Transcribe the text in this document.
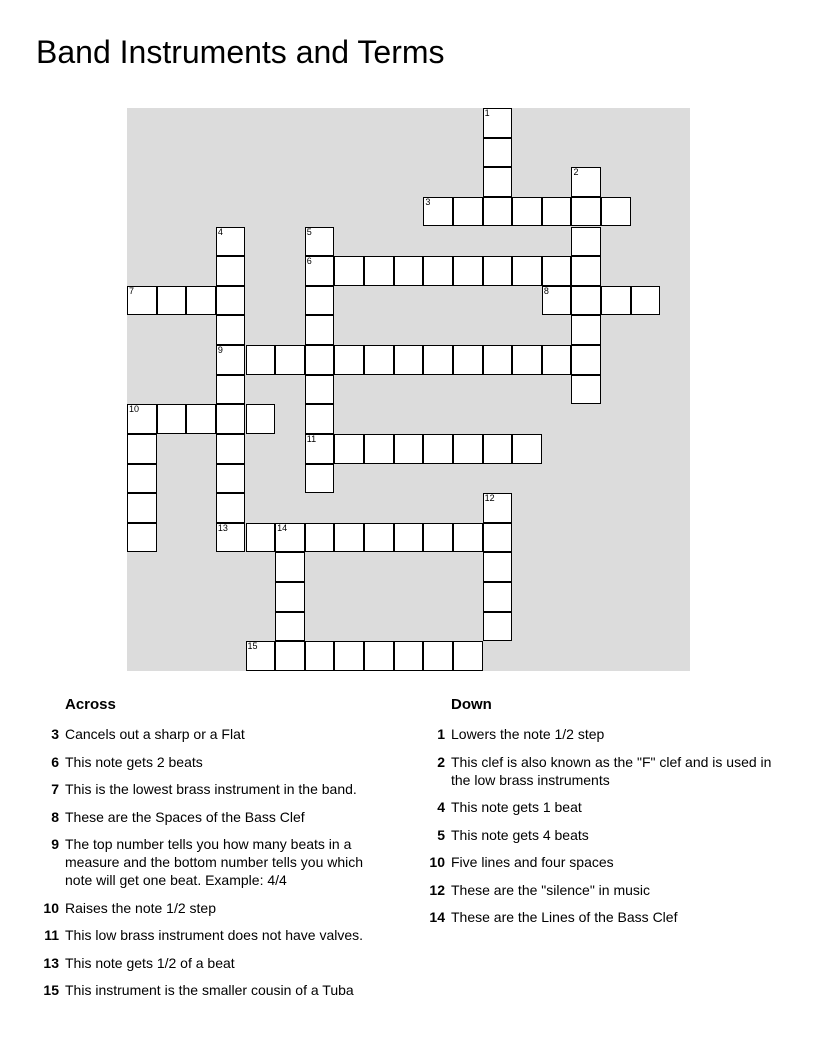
Band Instruments and Terms
1
2
3
4
9
13
5
6
11
7	8
10
12
14
15
Across
3 Cancels out a sharp or a Flat
6 This note gets 2 beats
7 This is the lowest brass instrument in the band.
8 These are the Spaces of the Bass Clef
9 The top number tells you how many beats in a measure and the bottom number tells you which note will get one beat. Example: 4/4
10 Raises the note 1/2 step
11 This low brass instrument does not have valves.
13 This note gets 1/2 of a beat
15 This instrument is the smaller cousin of a Tuba
Down
1 Lowers the note 1/2 step
2 This clef is also known as the "F" clef and is used in the low brass instruments
4 This note gets 1 beat
5 This note gets 4 beats
10 Five lines and four spaces
12 These are the "silence" in music
14 These are the Lines of the Bass Clef
